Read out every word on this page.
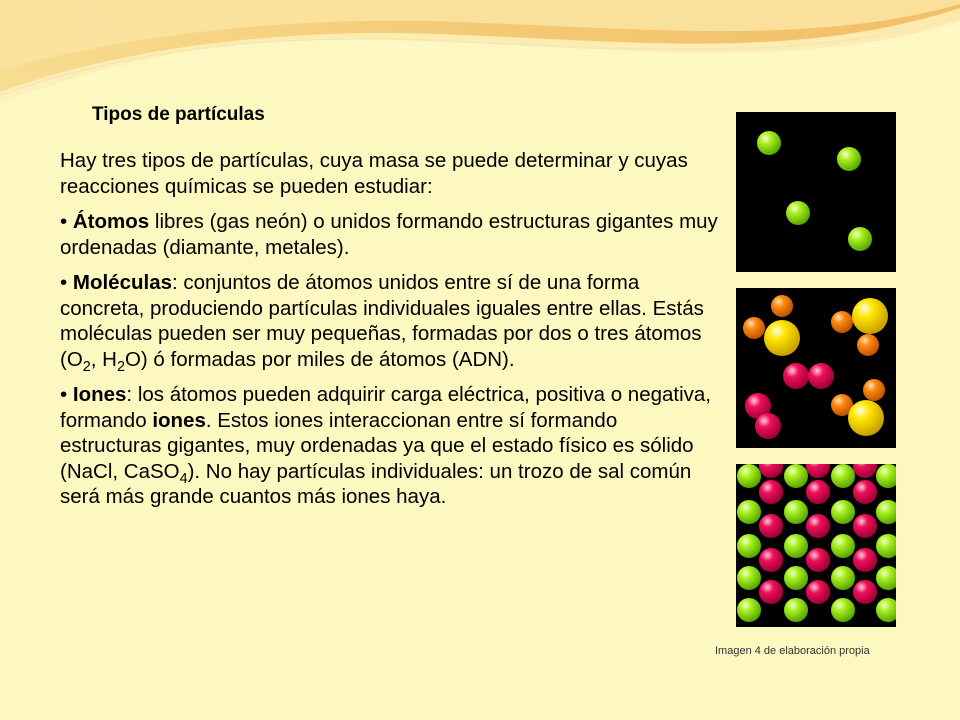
Tipos de partículas

Hay tres tipos de partículas, cuya masa se puede determinar y cuyas reacciones químicas se pueden estudiar:

• Átomos libres (gas neón) o unidos formando estructuras gigantes muy ordenadas (diamante, metales).

• Moléculas: conjuntos de átomos unidos entre sí de una forma concreta, produciendo partículas individuales iguales entre ellas. Estás moléculas pueden ser muy pequeñas, formadas por dos o tres átomos ($O_2$, $H_2O$) ó formadas por miles de átomos (ADN).

• Iones: los átomos pueden adquirir carga eléctrica, positiva o negativa, formando iones. Estos iones interaccionan entre sí formando estructuras gigantes, muy ordenadas ya que el estado físico es sólido (NaCl, CaSO$_4$). No hay partículas individuales: un trozo de sal común será más grande cuantos más iones haya.

Imagen 4 de elaboración propia
